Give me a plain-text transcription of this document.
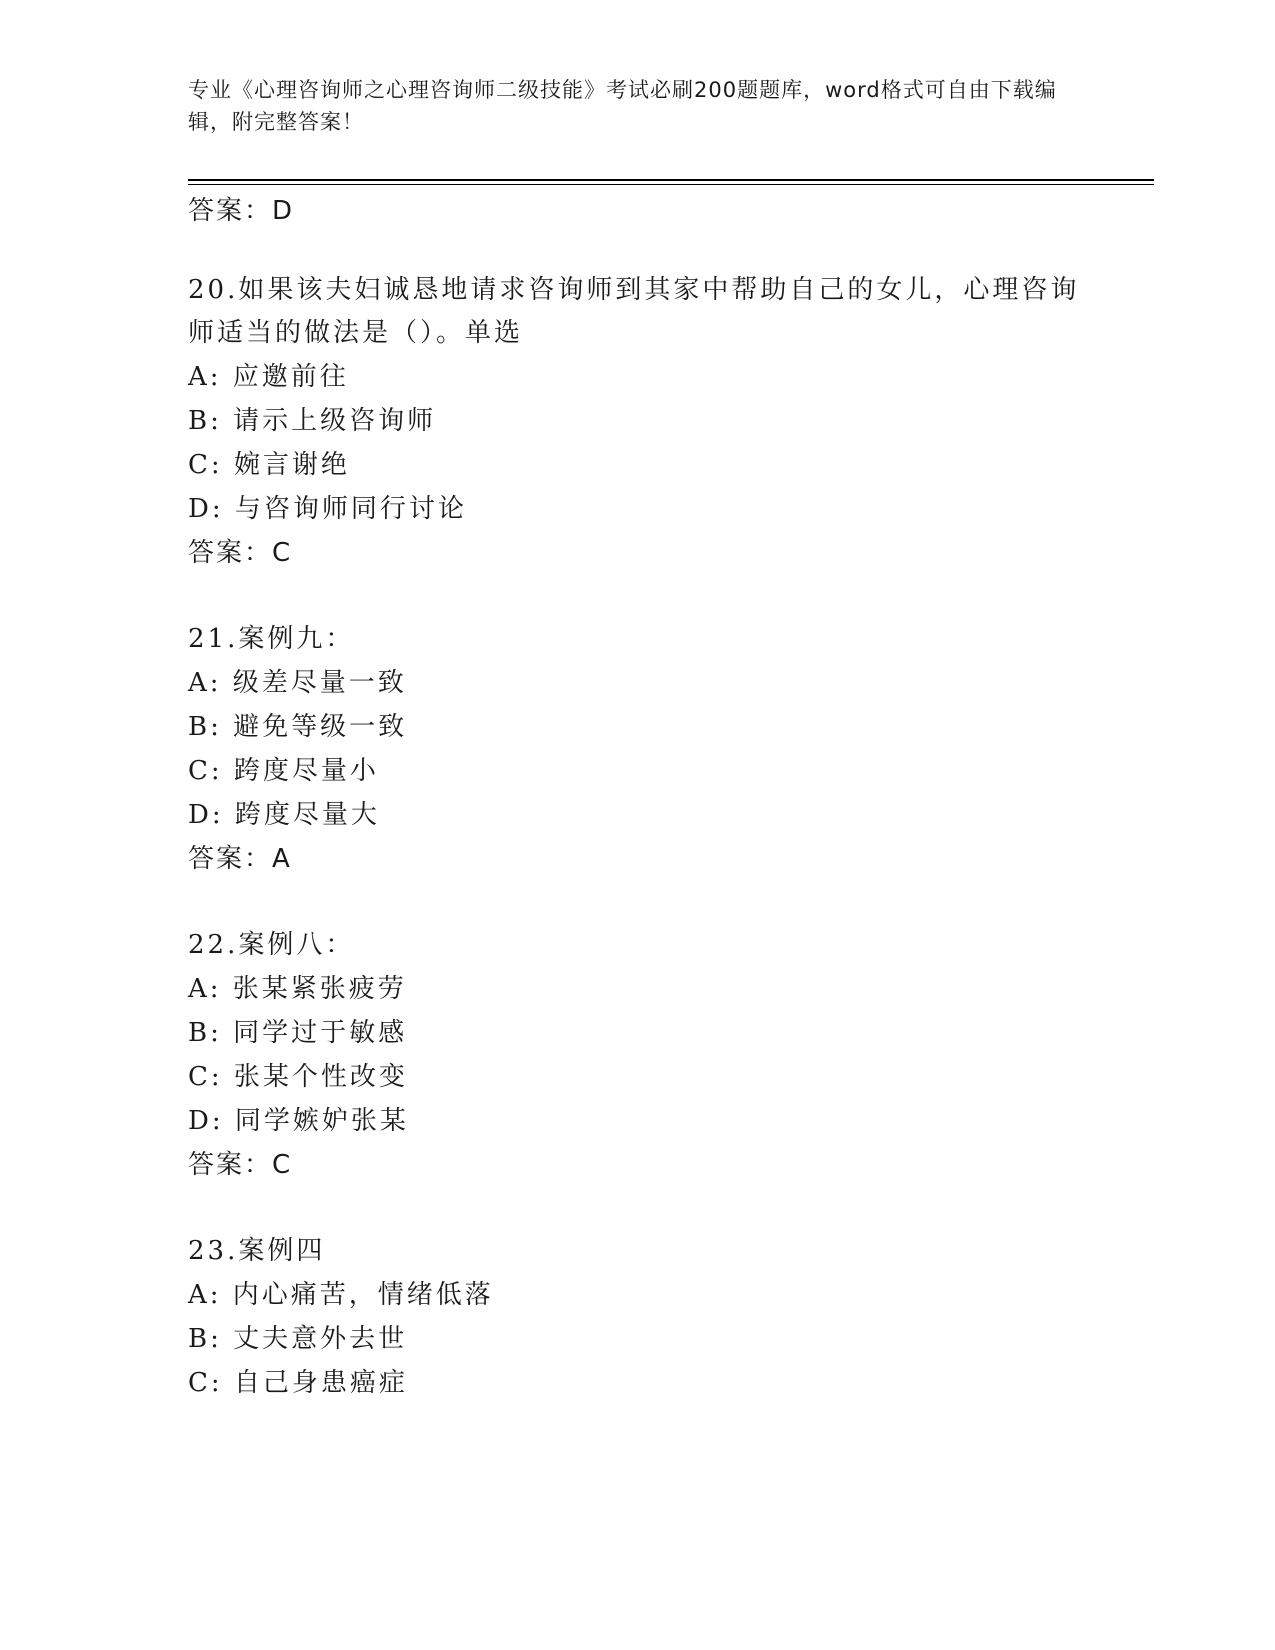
专业《心理咨询师之心理咨询师二级技能》考试必刷200题题库，word格式可自由下载编辑，附完整答案！
答案：D
20.如果该夫妇诚恳地请求咨询师到其家中帮助自己的女儿，心理咨询
师适当的做法是（）。单选
A: 应邀前往
B: 请示上级咨询师
C: 婉言谢绝
D: 与咨询师同行讨论
答案：C
21.案例九：
A: 级差尽量一致
B: 避免等级一致
C: 跨度尽量小
D: 跨度尽量大
答案：A
22.案例八：
A: 张某紧张疲劳
B: 同学过于敏感
C: 张某个性改变
D: 同学嫉妒张某
答案：C
23.案例四
A: 内心痛苦，情绪低落
B: 丈夫意外去世
C: 自己身患癌症
